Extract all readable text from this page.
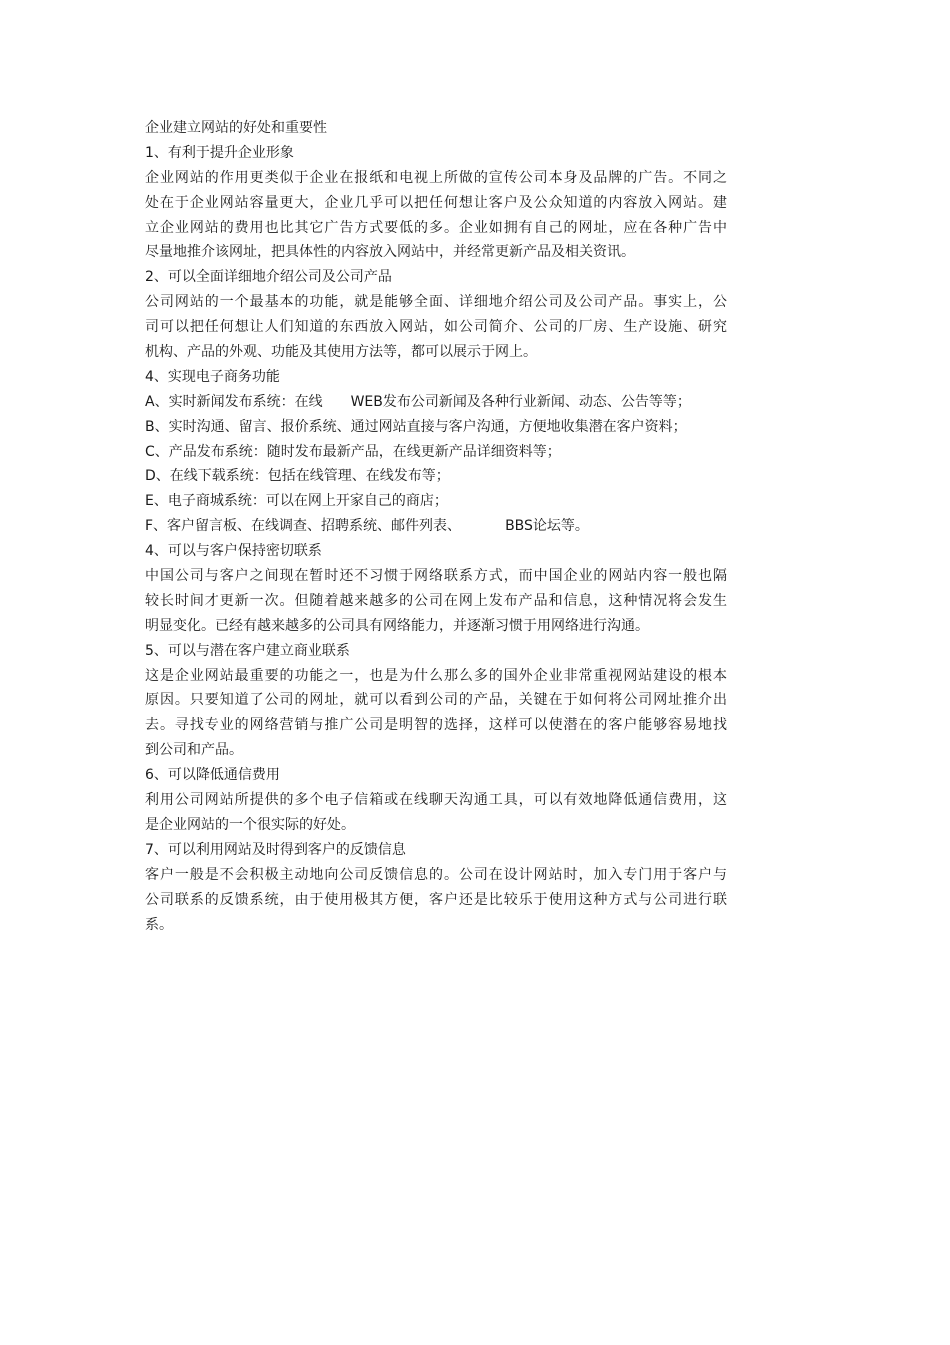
企业建立网站的好处和重要性
1、有利于提升企业形象
企业网站的作用更类似于企业在报纸和电视上所做的宣传公司本身及品牌的广告。不同之
处在于企业网站容量更大，企业几乎可以把任何想让客户及公众知道的内容放入网站。建
立企业网站的费用也比其它广告方式要低的多。企业如拥有自己的网址，应在各种广告中
尽量地推介该网址，把具体性的内容放入网站中，并经常更新产品及相关资讯。
2、可以全面详细地介绍公司及公司产品
公司网站的一个最基本的功能，就是能够全面、详细地介绍公司及公司产品。事实上，公
司可以把任何想让人们知道的东西放入网站，如公司简介、公司的厂房、生产设施、研究
机构、产品的外观、功能及其使用方法等，都可以展示于网上。
4、实现电子商务功能
A、实时新闻发布系统：在线 WEB发布公司新闻及各种行业新闻、动态、公告等等；
B、实时沟通、留言、报价系统、通过网站直接与客户沟通，方便地收集潜在客户资料；
C、产品发布系统：随时发布最新产品，在线更新产品详细资料等；
D、在线下载系统：包括在线管理、在线发布等；
E、电子商城系统：可以在网上开家自己的商店；
F、客户留言板、在线调查、招聘系统、邮件列表、	BBS论坛等。
4、可以与客户保持密切联系
中国公司与客户之间现在暂时还不习惯于网络联系方式，而中国企业的网站内容一般也隔
较长时间才更新一次。但随着越来越多的公司在网上发布产品和信息，这种情况将会发生
明显变化。已经有越来越多的公司具有网络能力，并逐渐习惯于用网络进行沟通。
5、可以与潜在客户建立商业联系
这是企业网站最重要的功能之一，也是为什么那么多的国外企业非常重视网站建设的根本
原因。只要知道了公司的网址，就可以看到公司的产品，关键在于如何将公司网址推介出
去。寻找专业的网络营销与推广公司是明智的选择，这样可以使潜在的客户能够容易地找
到公司和产品。
6、可以降低通信费用
利用公司网站所提供的多个电子信箱或在线聊天沟通工具，可以有效地降低通信费用，这
是企业网站的一个很实际的好处。
7、可以利用网站及时得到客户的反馈信息
客户一般是不会积极主动地向公司反馈信息的。公司在设计网站时，加入专门用于客户与
公司联系的反馈系统，由于使用极其方便，客户还是比较乐于使用这种方式与公司进行联
系。
